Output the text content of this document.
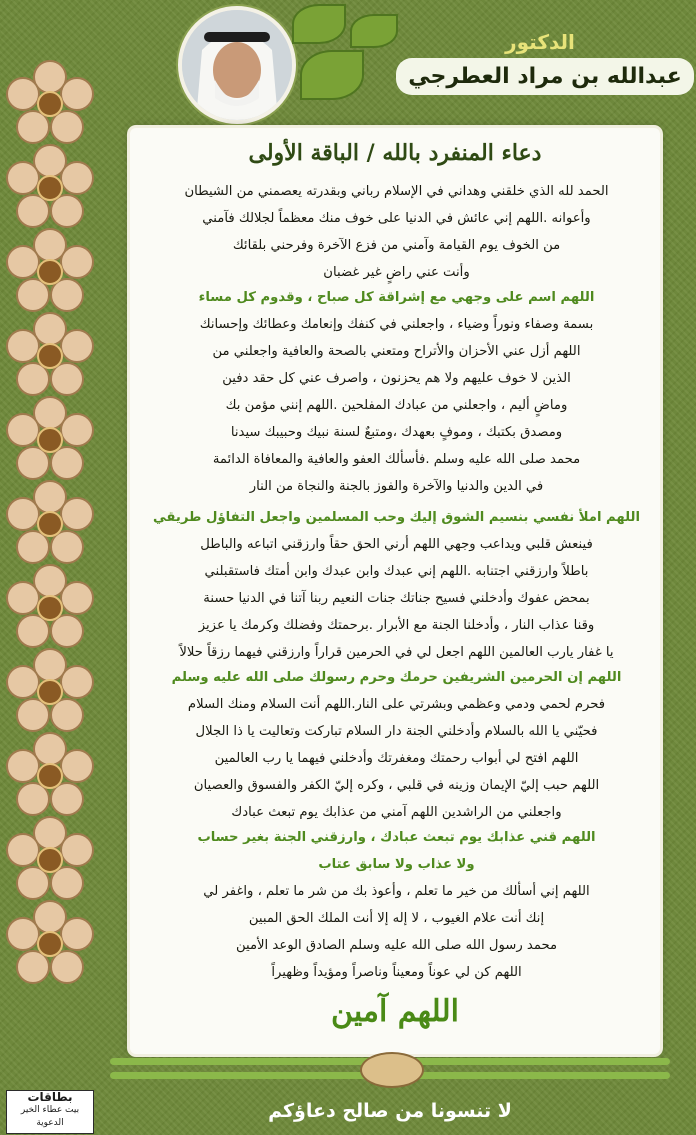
الدكتور
عبدالله بن مراد العطرجي
دعاء المنفرد بالله / الباقة الأولى
الحمد لله الذي خلقني وهداني في الإسلام رباني وبقدرته يعصمني من الشيطان
وأعوانه .اللهم إني عائش في الدنيا على خوف منك معظماً لجلالك فآمني
من الخوف يوم القيامة وآمني من فزع الآخرة وفرحني بلقائك
وأنت عني راضٍ غير غضبان
اللهم اسم على وجهي مع إشراقة كل صباح ، وقدوم كل مساء
بسمة وصفاء ونوراً وضياء ، واجعلني في كنفك وإنعامك وعطائك وإحسانك
اللهم أزل عني الأحزان والأتراح ومتعني بالصحة والعافية واجعلني من
الذين لا خوف عليهم ولا هم يحزنون ، واصرف عني كل حقد دفين
وماضٍ أليم ، واجعلني من عبادك المفلحين .اللهم إنني مؤمن بك
ومصدق بكتبك ، وموفٍ بعهدك ،ومتبعٌ لسنة نبيك وحبيبك سيدنا
محمد صلى الله عليه وسلم .فأسألك العفو والعافية والمعافاة الدائمة
في الدين والدنيا والآخرة والفوز بالجنة والنجاة من النار
اللهم املأ نفسي بنسيم الشوق إليك وحب المسلمين واجعل التفاؤل طريقي
فينعش قلبي ويداعب وجهي اللهم أرني الحق حقاً وارزقني اتباعه والباطل
باطلاً وارزقني اجتنابه .اللهم إني عبدك وابن عبدك وابن أمتك فاستقبلني
بمحض عفوك وأدخلني فسيح جناتك جنات النعيم ربنا آتنا في الدنيا حسنة
وقنا عذاب النار ، وأدخلنا الجنة مع الأبرار .برحمتك وفضلك وكرمك يا عزيز
يا غفار يارب العالمين اللهم اجعل لي في الحرمين قراراً وارزقني فيهما رزقاً حلالاً
اللهم إن الحرمين الشريفين حرمك وحرم رسولك صلى الله عليه وسلم
فحرم لحمي ودمي وعظمي وبشرتي على النار.اللهم أنت السلام ومنك السلام
فحيّني يا الله بالسلام وأدخلني الجنة دار السلام تباركت وتعاليت يا ذا الجلال
اللهم افتح لي أبواب رحمتك ومغفرتك وأدخلني فيهما يا رب العالمين
اللهم حبب إليّ الإيمان وزينه في قلبي ، وكره إليّ الكفر والفسوق والعصيان
واجعلني من الراشدين اللهم آمني من عذابك يوم تبعث عبادك
اللهم قني عذابك يوم تبعث عبادك ، وارزقني الجنة بغير حساب
ولا عذاب ولا سابق عتاب
اللهم إني أسألك من خير ما تعلم ، وأعوذ بك من شر ما تعلم ، واغفر لي
إنك أنت علام الغيوب ، لا إله إلا أنت الملك الحق المبين
محمد رسول الله صلى الله عليه وسلم الصادق الوعد الأمين
اللهم كن لي عوناً ومعيناً وناصراً ومؤيداً وظهيراً
اللهم آمين
لا تنسونا من صالح دعاؤكم
بطاقات
بيت عطاء الخير
الدعوية
